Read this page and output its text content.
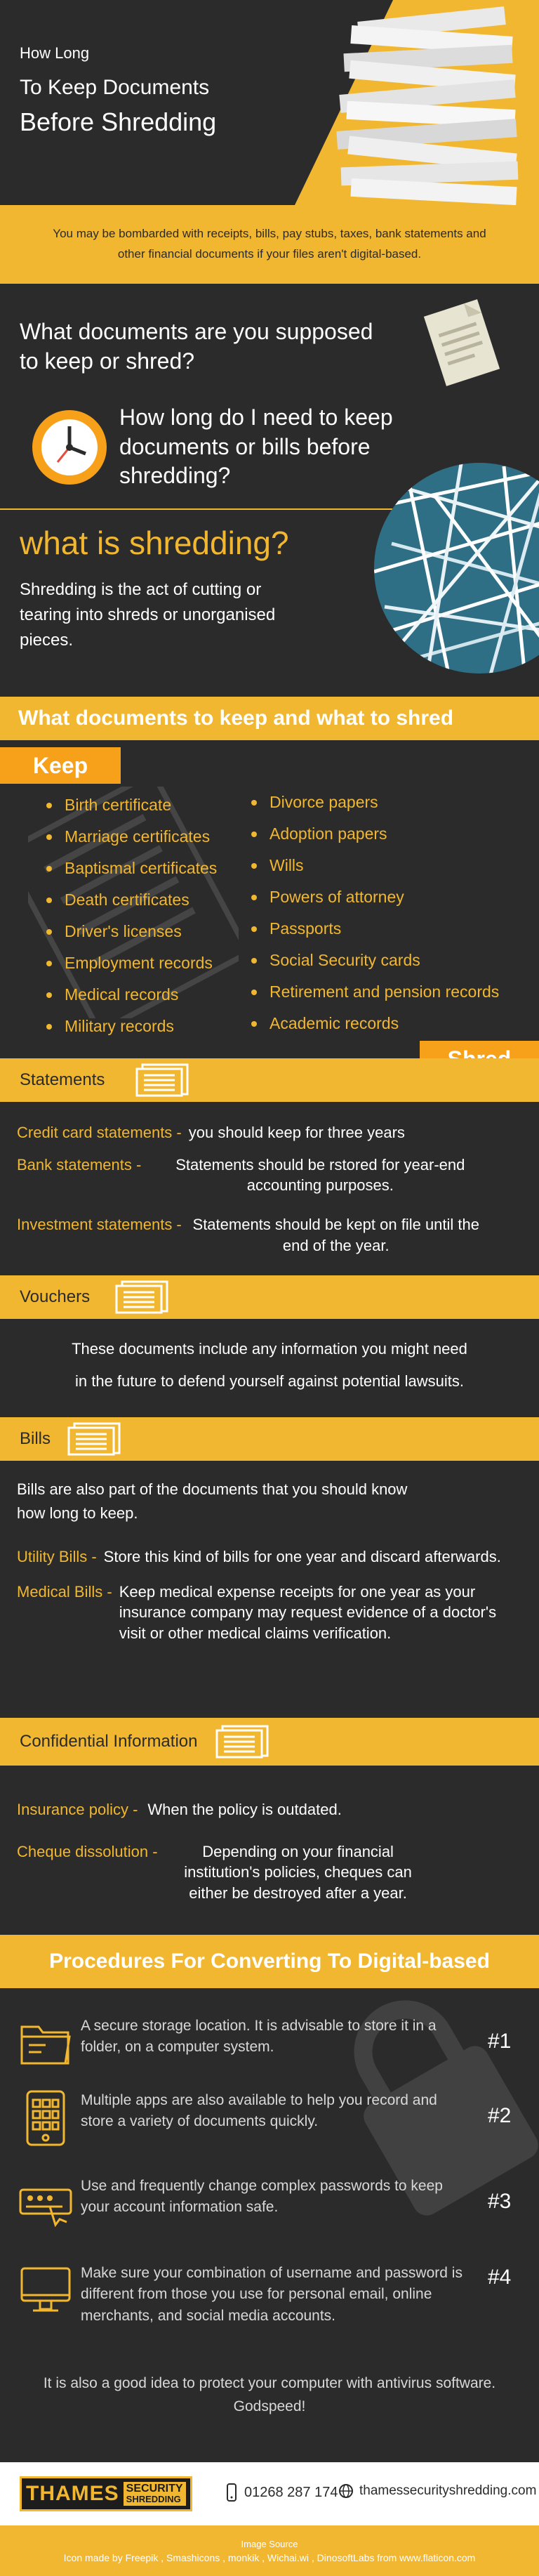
How Long
To Keep Documents
Before Shredding
You may be bombarded with receipts, bills, pay stubs, taxes, bank statements and
other financial documents if your files aren't digital-based.
What documents are you supposed
to keep or shred?
How long do I need to keep
documents or bills before
shredding?
what is shredding?
Shredding is the act of cutting or
tearing into shreds or unorganised
pieces.
What documents to keep and what to shred
Keep
Birth certificate
Marriage certificates
Baptismal certificates
Death certificates
Driver's licenses
Employment records
Medical records
Military records
Divorce papers
Adoption papers
Wills
Powers of attorney
Passports
Social Security cards
Retirement and pension records
Academic records
Statements
Credit card statements - you should keep for three years
Bank statements -	Statements should be rstored for year-end accounting purposes.
Investment statements - Statements should be kept on file until the end of the year.
Vouchers
These documents include any information you might need
in the future to defend yourself against potential lawsuits.
Bills
Bills are also part of the documents that you should know
how long to keep.
Utility Bills - Store this kind of bills for one year and discard afterwards.
Medical Bills - Keep medical expense receipts for one year as your insurance company may request evidence of a doctor's visit or other medical claims verification.
Confidential Information
Insurance policy - When the policy is outdated.
Cheque dissolution -	Depending on your financial institution's policies, cheques can either be destroyed after a year.
Procedures For Converting To Digital-based
A secure storage location. It is advisable to store it in a folder, on a computer system.	#1
Multiple apps are also available to help you record and store a variety of documents quickly.	#2
Use and frequently change complex passwords to keep your account information safe.	#3
Make sure your combination of username and password is different from those you use for personal email, online merchants, and social media accounts.
#4
It is also a good idea to protect your computer with antivirus software.
Godspeed!
THAMES SECURITY
SHREDDING	01268 287 174 thamessecurityshredding.com
Image Source
Icon made by Freepik , Smashicons , monkik , Wichai.wi , DinosoftLabs from www.flaticon.com
